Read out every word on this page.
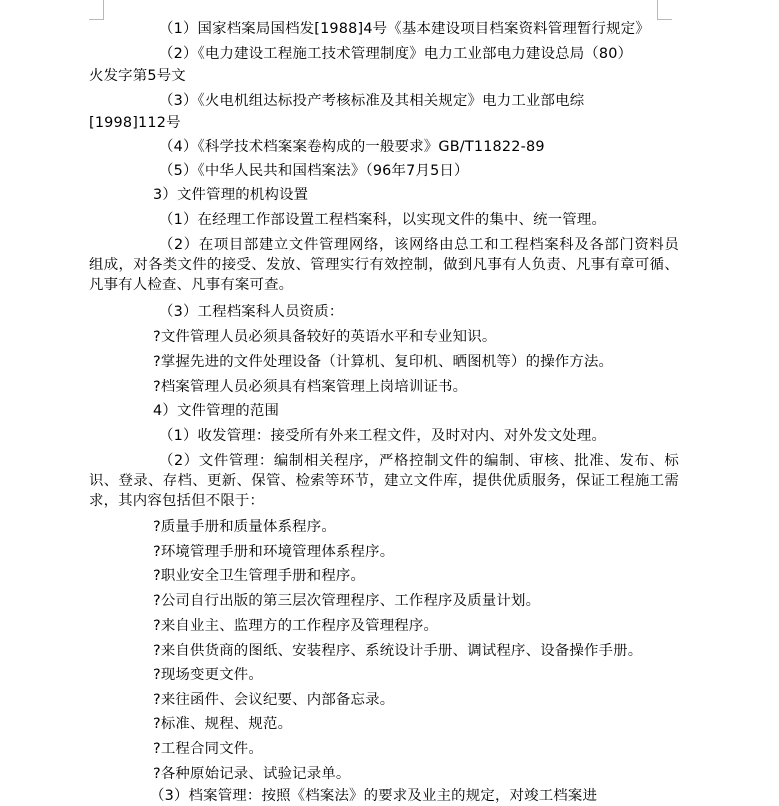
（1）国家档案局国档发[1988]4号《基本建设项目档案资料管理暂行规定》
（2）《电力建设工程施工技术管理制度》电力工业部电力建设总局（80）
火发字第5号文
（3）《火电机组达标投产考核标准及其相关规定》电力工业部电综
[1998]112号
（4）《科学技术档案案卷构成的一般要求》GB/T11822-89
（5）《中华人民共和国档案法》（96年7月5日）
3）文件管理的机构设置
（1）在经理工作部设置工程档案科，以实现文件的集中、统一管理。
（2）在项目部建立文件管理网络，该网络由总工和工程档案科及各部门资料员组成，对各类文件的接受、发放、管理实行有效控制，做到凡事有人负责、凡事有章可循、凡事有人检查、凡事有案可查。
（3）工程档案科人员资质：
?文件管理人员必须具备较好的英语水平和专业知识。
?掌握先进的文件处理设备（计算机、复印机、晒图机等）的操作方法。
?档案管理人员必须具有档案管理上岗培训证书。
4）文件管理的范围
（1）收发管理：接受所有外来工程文件，及时对内、对外发文处理。
（2）文件管理：编制相关程序，严格控制文件的编制、审核、批准、发布、标识、登录、存档、更新、保管、检索等环节，建立文件库，提供优质服务，保证工程施工需求，其内容包括但不限于：
?质量手册和质量体系程序。
?环境管理手册和环境管理体系程序。
?职业安全卫生管理手册和程序。
?公司自行出版的第三层次管理程序、工作程序及质量计划。
?来自业主、监理方的工作程序及管理程序。
?来自供货商的图纸、安装程序、系统设计手册、调试程序、设备操作手册。
?现场变更文件。
?来往函件、会议纪要、内部备忘录。
?标准、规程、规范。
?工程合同文件。
?各种原始记录、试验记录单。
（3）档案管理：按照《档案法》的要求及业主的规定，对竣工档案进
